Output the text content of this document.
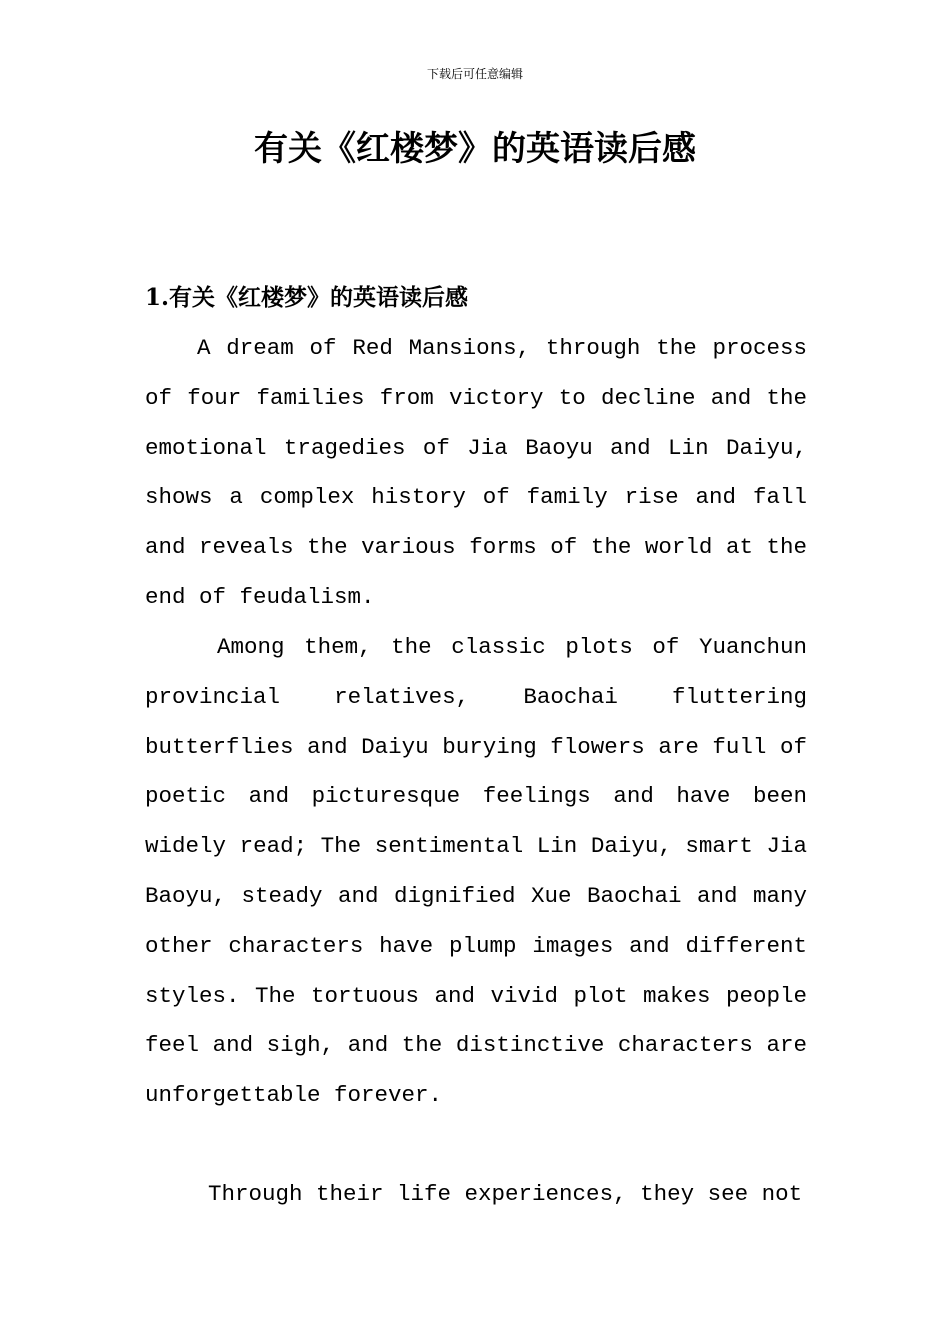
下载后可任意编辑
有关《红楼梦》的英语读后感
1.有关《红楼梦》的英语读后感

A dream of Red Mansions, through the process of four families from victory to decline and the emotional tragedies of Jia Baoyu and Lin Daiyu, shows a complex history of family rise and fall and reveals the various forms of the world at the end of feudalism.

Among them, the classic plots of Yuanchun provincial relatives, Baochai fluttering butterflies and Daiyu burying flowers are full of poetic and picturesque feelings and have been widely read; The sentimental Lin Daiyu, smart Jia Baoyu, steady and dignified Xue Baochai and many other characters have plump images and different styles. The tortuous and vivid plot makes people feel and sigh, and the distinctive characters are unforgettable forever.

Through their life experiences, they see not
